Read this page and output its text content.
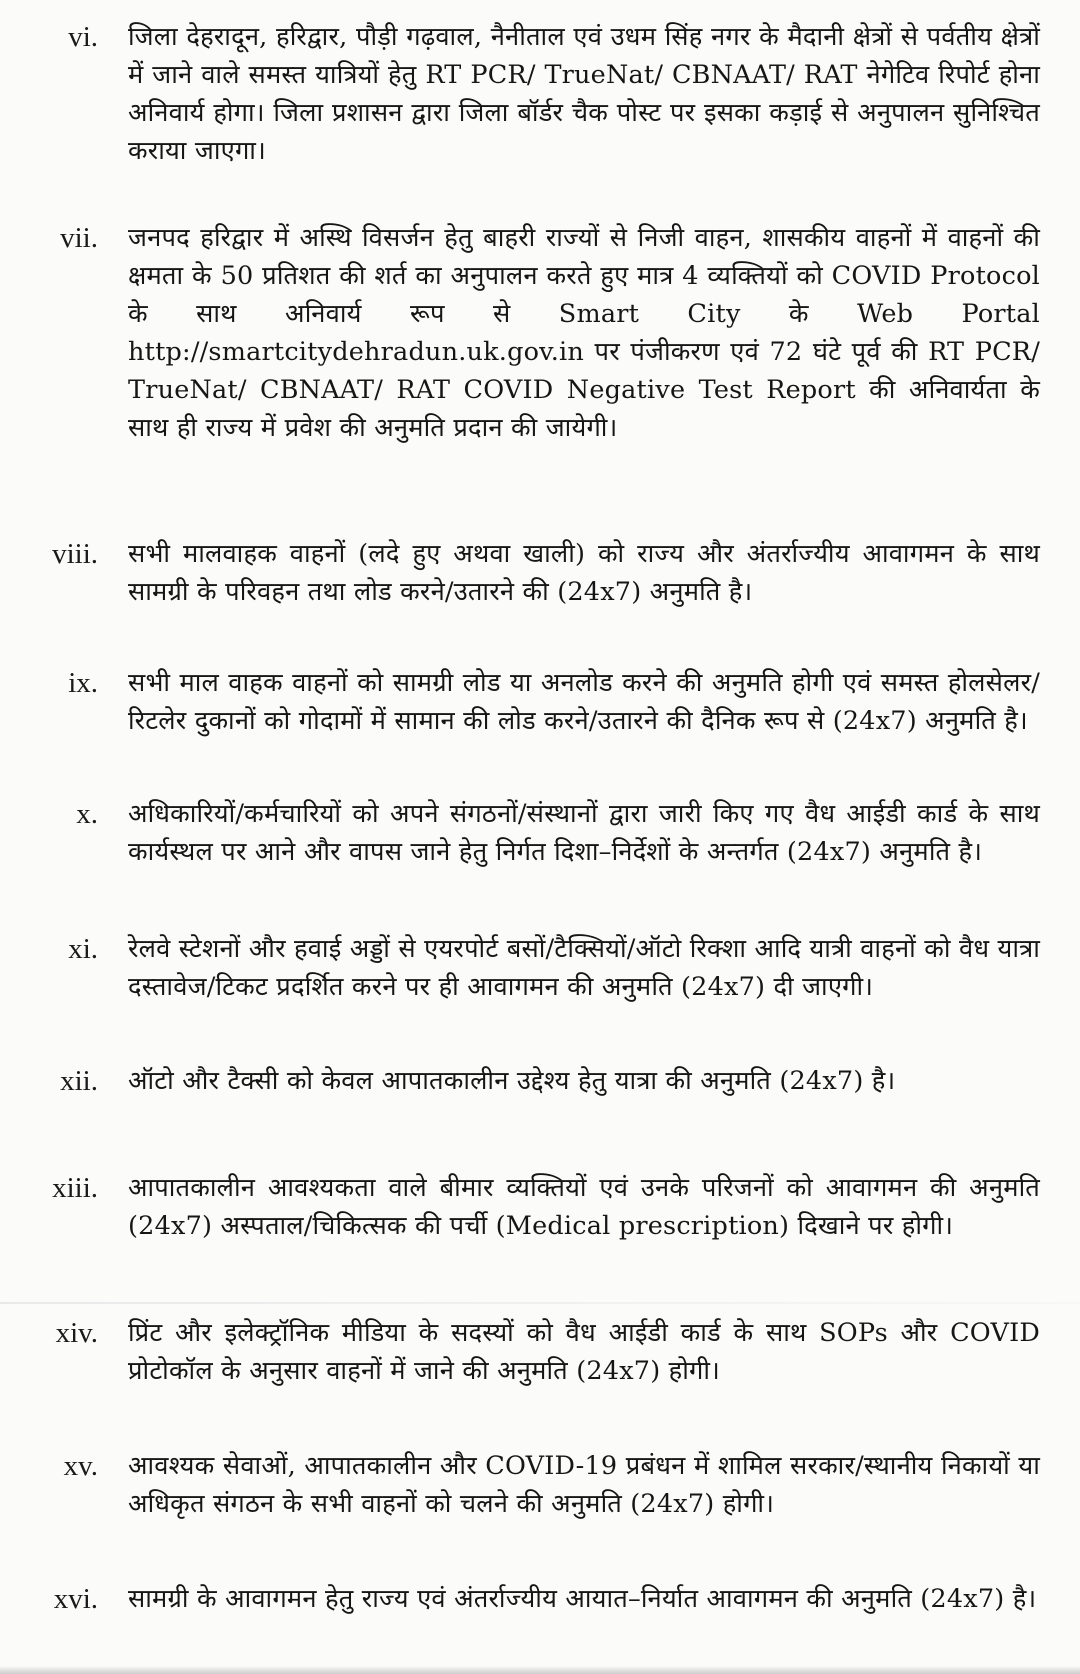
vi. जिला देहरादून, हरिद्वार, पौड़ी गढ़वाल, नैनीताल एवं उधम सिंह नगर के मैदानी क्षेत्रों से पर्वतीय क्षेत्रों में जाने वाले समस्त यात्रियों हेतु RT PCR/ TrueNat/ CBNAAT/ RAT नेगेटिव रिपोर्ट होना अनिवार्य होगा। जिला प्रशासन द्वारा जिला बॉर्डर चैक पोस्ट पर इसका कड़ाई से अनुपालन सुनिश्चित कराया जाएगा।
vii. जनपद हरिद्वार में अस्थि विसर्जन हेतु बाहरी राज्यों से निजी वाहन, शासकीय वाहनों में वाहनों की क्षमता के 50 प्रतिशत की शर्त का अनुपालन करते हुए मात्र 4 व्यक्तियों को COVID Protocol के साथ अनिवार्य रूप से Smart City के Web Portal http://smartcitydehradun.uk.gov.in पर पंजीकरण एवं 72 घंटे पूर्व की RT PCR/ TrueNat/ CBNAAT/ RAT COVID Negative Test Report की अनिवार्यता के साथ ही राज्य में प्रवेश की अनुमति प्रदान की जायेगी।
viii. सभी मालवाहक वाहनों (लदे हुए अथवा खाली) को राज्य और अंतर्राज्यीय आवागमन के साथ सामग्री के परिवहन तथा लोड करने/उतारने की (24x7) अनुमति है।
ix. सभी माल वाहक वाहनों को सामग्री लोड या अनलोड करने की अनुमति होगी एवं समस्त होलसेलर/रिटलेर दुकानों को गोदामों में सामान की लोड करने/उतारने की दैनिक रूप से (24x7) अनुमति है।
x. अधिकारियों/कर्मचारियों को अपने संगठनों/संस्थानों द्वारा जारी किए गए वैध आईडी कार्ड के साथ कार्यस्थल पर आने और वापस जाने हेतु निर्गत दिशा–निर्देशों के अन्तर्गत (24x7) अनुमति है।
xi. रेलवे स्टेशनों और हवाई अड्डों से एयरपोर्ट बसों/टैक्सियों/ऑटो रिक्शा आदि यात्री वाहनों को वैध यात्रा दस्तावेज/टिकट प्रदर्शित करने पर ही आवागमन की अनुमति (24x7) दी जाएगी।
xii. ऑटो और टैक्सी को केवल आपातकालीन उद्देश्य हेतु यात्रा की अनुमति (24x7) है।
xiii. आपातकालीन आवश्यकता वाले बीमार व्यक्तियों एवं उनके परिजनों को आवागमन की अनुमति (24x7) अस्पताल/चिकित्सक की पर्ची (Medical prescription) दिखाने पर होगी।
xiv. प्रिंट और इलेक्ट्रॉनिक मीडिया के सदस्यों को वैध आईडी कार्ड के साथ SOPs और COVID प्रोटोकॉल के अनुसार वाहनों में जाने की अनुमति (24x7) होगी।
xv. आवश्यक सेवाओं, आपातकालीन और COVID-19 प्रबंधन में शामिल सरकार/स्थानीय निकायों या अधिकृत संगठन के सभी वाहनों को चलने की अनुमति (24x7) होगी।
xvi. सामग्री के आवागमन हेतु राज्य एवं अंतर्राज्यीय आयात–निर्यात आवागमन की अनुमति (24x7) है।
